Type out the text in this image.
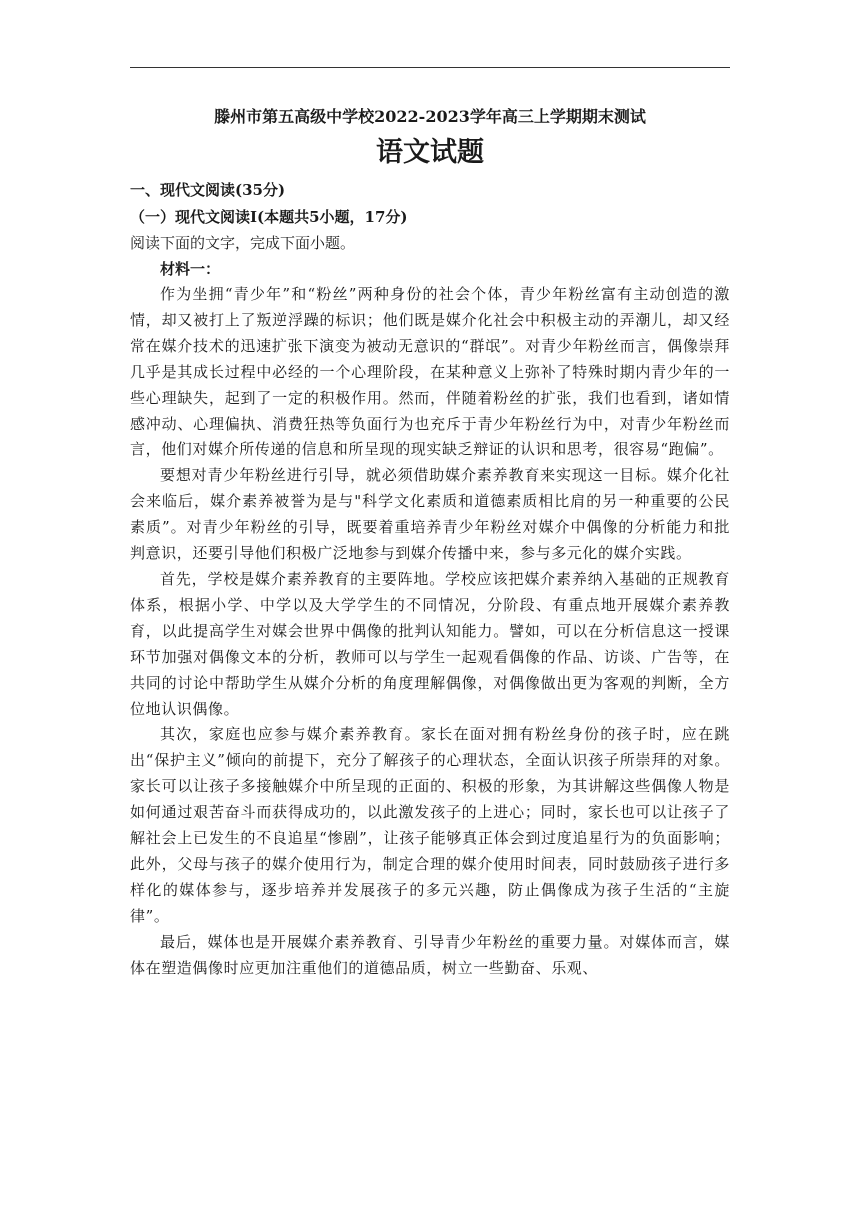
滕州市第五高级中学校2022-2023学年高三上学期期末测试
语文试题
一、现代文阅读(35分)
（一）现代文阅读I(本题共5小题，17分)
阅读下面的文字，完成下面小题。
材料一：

作为坐拥“青少年”和“粉丝”两种身份的社会个体，青少年粉丝富有主动创造的激情，却又被打上了叛逆浮躁的标识；他们既是媒介化社会中积极主动的弄潮儿，却又经常在媒介技术的迅速扩张下演变为被动无意识的“群氓”。对青少年粉丝而言，偶像崇拜几乎是其成长过程中必经的一个心理阶段，在某种意义上弥补了特殊时期内青少年的一些心理缺失，起到了一定的积极作用。然而，伴随着粉丝的扩张，我们也看到，诸如情感冲动、心理偏执、消费狂热等负面行为也充斥于青少年粉丝行为中，对青少年粉丝而言，他们对媒介所传递的信息和所呈现的现实缺乏辩证的认识和思考，很容易“跑偏”。

要想对青少年粉丝进行引导，就必须借助媒介素养教育来实现这一目标。媒介化社会来临后，媒介素养被誉为是与"科学文化素质和道德素质相比肩的另一种重要的公民素质”。对青少年粉丝的引导，既要着重培养青少年粉丝对媒介中偶像的分析能力和批判意识，还要引导他们积极广泛地参与到媒介传播中来，参与多元化的媒介实践。

首先，学校是媒介素养教育的主要阵地。学校应该把媒介素养纳入基础的正规教育体系，根据小学、中学以及大学学生的不同情况，分阶段、有重点地开展媒介素养教育，以此提高学生对媒会世界中偶像的批判认知能力。譬如，可以在分析信息这一授课环节加强对偶像文本的分析，教师可以与学生一起观看偶像的作品、访谈、广告等，在共同的讨论中帮助学生从媒介分析的角度理解偶像，对偶像做出更为客观的判断，全方位地认识偶像。

其次，家庭也应参与媒介素养教育。家长在面对拥有粉丝身份的孩子时，应在跳出“保护主义”倾向的前提下，充分了解孩子的心理状态，全面认识孩子所崇拜的对象。家长可以让孩子多接触媒介中所呈现的正面的、积极的形象，为其讲解这些偶像人物是如何通过艰苦奋斗而获得成功的，以此激发孩子的上进心；同时，家长也可以让孩子了解社会上已发生的不良追星“惨剧”，让孩子能够真正体会到过度追星行为的负面影响；此外，父母与孩子的媒介使用行为，制定合理的媒介使用时间表，同时鼓励孩子进行多样化的媒体参与，逐步培养并发展孩子的多元兴趣，防止偶像成为孩子生活的“主旋律”。

最后，媒体也是开展媒介素养教育、引导青少年粉丝的重要力量。对媒体而言，媒体在塑造偶像时应更加注重他们的道德品质，树立一些勤奋、乐观、
